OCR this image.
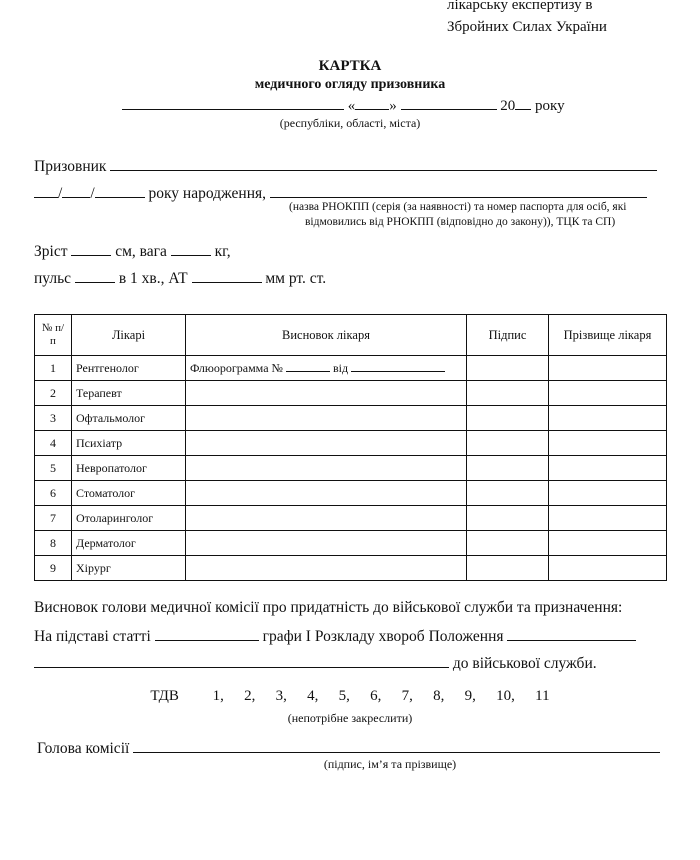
лікарську експертизу в
Збройних Силах України
КАРТКА
медичного огляду призовника
« »	20 року
(республіки, області, міста)
Призовник
/ /	року народження,
(назва РНОКПП (серія (за наявності) та номер паспорта для осіб, які
відмовились від РНОКПП (відповідно до закону)), ТЦК та СП)
Зріст	см, вага	кг,
пульс	в 1 хв., АТ	мм рт. ст.
№ п/п	Лікарі	Висновок лікаря	Підпис	Прізвище лікаря
1	Рентгенолог	Флюорограмма № від		
2	Терапевт			
3	Офтальмолог			
4	Психіатр			
5	Невропатолог			
6	Стоматолог			
7	Отоларинголог			
8	Дерматолог			
9	Хірург			
Висновок голови медичної комісії про придатність до військової служби та призначення:
На підставі статті	графи I Розкладу хвороб Положення
до військової служби.
ТДВ 1,   2,   3,   4,   5,   6,   7,   8,   9,   10,   11
(непотрібне закреслити)
Голова комісії
(підпис, ім’я та прізвище)
